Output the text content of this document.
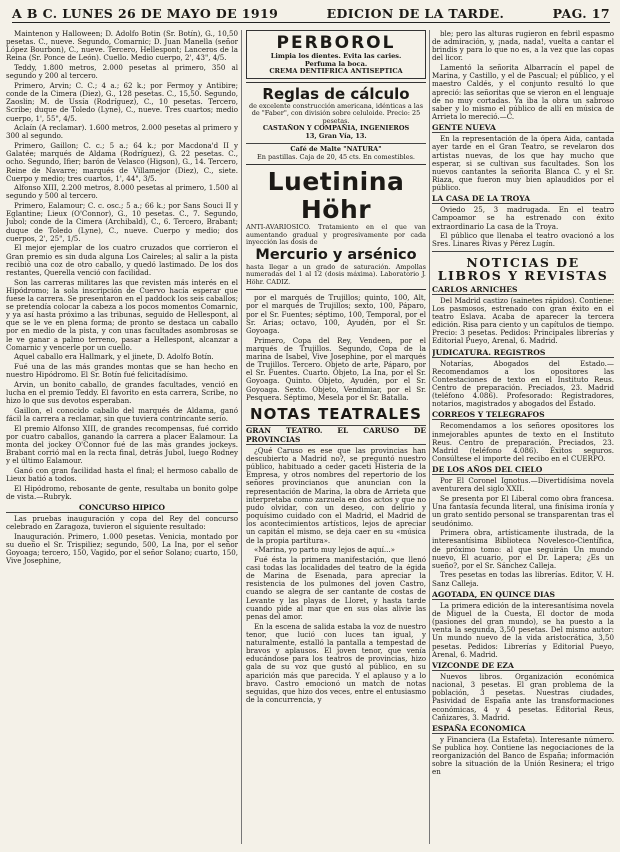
A B C. LUNES 26 DE MAYO DE 1919	EDICION DE LA TARDE.	PAG. 17

Maintenon y Halloween; D. Adolfo Botin (Sr. Botín), G., 10,50 pesetas. C., nueve. Segundo, Comarnic; D. Juan Manella (señor López Bourbon), C., nueve. Tercero, Hellespont; Lanceros de la Reina (Sr. Ponce de León). Cuello. Medio cuerpo, 2', 43", 4/5.

Teddy, 1.800 metros, 2.000 pesetas al primero, 350 al segundo y 200 al tercero.

Primero, Arvin; C. C.; 4 a.; 62 k.; por Fermoy y Antibire; conde de la Cimera (Diez), G., 128 pesetas. C., 15,50. Segundo, Zaoslin; M. de Ussía (Rodríguez), C., 10 pesetas. Tercero, Scribe; duque de Toledo (Lyne), C., nueve. Tres cuartos; medio cuerpo, 1', 55", 4/5.

Aclaín (A reclamar). 1.600 metros, 2.000 pesetas al primero y 300 al segundo.

Primero, Gaillon; C. c.; 5 a.; 64 k.; por Macdona'd II y Galatée; marqués de Aldama (Rodríguez), G. 22 pesetas. C., ocho. Segundo, Ifier; barón de Velasco (Higson), G., 14. Tercero, Reine de Navarre; marqués de Villamejor (Diez), C., siete. Cuerpo y medio; tres cuartos, 1', 44", 3/5.

Alfonso XIII, 2.200 metros, 8.000 pesetas al primero, 1.500 al segundo y 500 al tercero.

Primero, Ealamour; C. c. osc.; 5 a.; 66 k.; por Sans Souci II y Eglantine; Lieux (O'Connor), G., 10 pesetas. C., 7. Segundo, Jubol; conde de la Cimera (Archibald), C., 6. Tercero, Brabant; duque de Toledo (Lyne), C., nueve. Cuerpo y medio; dos cuerpos, 2', 25", 1/5.

El mejor ejemplar de los cuatro cruzados que corrieron el Gran premio es sin duda alguna Los Caireles; al salir a la pista recibió una coz de otro caballo, y quedó lastimado. De los dos restantes, Querella venció con facilidad.

Son las carreras militares las que revisten más interés en el Hipódromo; la sola inscripción de Cuervo hacía esperar que fuese la carrera. Se presentaron en el paddock los seis caballos; se pretendía colocar la cabeza a los pocos momentos Comarnic, y ya así hasta próximo a las tribunas, seguido de Hellespont, al que se le ve en plena forma; de pronto se destaca un caballo por en medio de la pista, y con unas facultades asombrosas se le ve ganar a palmo terreno, pasar a Hellespont, alcanzar a Comarnic y vencerle por un cuello.

Aquel caballo era Hallmark, y el jinete, D. Adolfo Botín.

Fué una de las más grandes montas que se han hecho en nuestro Hipódromo. El Sr. Botín fué felicitadísimo.

Arvin, un bonito caballo, de grandes facultades, venció en lucha en el premio Teddy. El favorito en esta carrera, Scribe, no hizo lo que sus devotos esperaban.

Gaillon, el conocido caballo del marqués de Aldama, ganó fácil la carrera a reclamar, sin que tuviera contrincante serio.

El premio Alfonso XIII, de grandes recompensas, fué corrido por cuatro caballos, ganando la carrera a placer Ealamour. La monta del jockey O'Connor fué de las más grandes jockeys. Brabant corrió mal en la recta final, detrás Jubol, luego Rodney y el último Ealamour.

Ganó con gran facilidad hasta el final; el hermoso caballo de Lieux batió a todos.

El Hipódromo, rebosante de gente, resultaba un bonito golpe de vista.—Rubryk.

CONCURSO HIPICO

Las pruebas inauguración y copa del Rey del concurso celebrado en Zaragoza, tuvieron el siguiente resultado:

Inauguración. Primero, 1.000 pesetas. Venicia, montado por su dueño el Sr. Trispiliez; segundo, 500, La Ina, por el señor Goyoaga; tercero, 150, Vagido, por el señor Solano; cuarto, 150, Vive Josephine,

PERBOROL
Limpia los dientes. Evita las caries.
Perfuma la boca.
CREMA DENTIFRICA ANTISEPTICA
Reglas de cálculo
de excelente construcción americana, idénticas a las de "Faber", con división sobre celuloide. Precio: 25 pesetas.
CASTAÑON Y COMPAÑIA, INGENIEROS
13, Gran Vía, 13.
Café de Malte "NATURA"
En pastillas. Caja de 20, 45 cts. En comestibles.
Luetinina Höhr
ANTI-AVARIOSICO. Tratamiento en el que van aumentando gradual y progresivamente por cada inyección las dosis de
Mercurio y arsénico
hasta llegar a un grado de saturación. Ampollas numeradas del 1 al 12 (dosis máxima). Laboratorio J. Höhr. CADIZ.

por el marqués de Trujillos; quinto, 100, Alt, por el marqués de Trujillos; sexto, 100, Páparo, por el Sr. Fuentes; séptimo, 100, Temporal, por el Sr. Arias; octavo, 100, Ayudén, por el Sr. Goyoaga.

Primero, Copa del Rey, Vendeen, por el marqués de Trujillos. Segundo, Copa de la marina de Isabel, Vive Josephine, por el marqués de Trujillos. Tercero. Objeto de arte, Páparo, por el Sr. Fuentes. Cuarto. Objeto, La Ina, por el Sr. Goyoaga. Quinto. Objeto, Ayudén, por el Sr. Goyoaga. Sexto. Objeto, Vendimiar, por el Sr. Pesquera. Séptimo, Mesela por el Sr. Batalla.

NOTAS TEATRALES
GRAN TEATRO. EL CARUSO DE PROVINCIAS

¿Qué Caruso es ese que las provincias han descubierto a Madrid no?, se preguntó nuestro público, habituado a ceder gaceti Histeria de la Empresa, y otros nombres del repertorio de los señores provincianos que anuncian con la representación de Marina, la obra de Arrieta que interpretaba como zarzuela en dos actos y que no pudo olvidar, con un deseo, con delirio y poquísimo cuidado con el Madrid, el Madrid de los acontecimientos artísticos, lejos de apreciar un capitán el mismo, se deja caer en su «música de la propia partitura».

«Marina, yo parto muy lejos de aquí...»

Fué ésta la primera manifestación, que llenó casi todas las localidades del teatro de la égida de Marina de Esenada, para apreciar la resistencia de los pulmones del joven Castro, cuando se alegra de ser cantante de costas de Levante y las playas de Lloret, y hasta tarde cuando pide al mar que en sus olas alivie las penas del amor.

En la escena de salida estaba la voz de nuestro tenor, que lució con luces tan igual, y naturalmente, estalló la pantalla a tempestad de bravos y aplausos. El joven tenor, que venía educándose para los teatros de provincias, hizo gala de su voz que gustó al público, en su aparición más que parecida. Y el aplauso y a lo bravo. Castro emocionó un match de notas seguidas, que hizo dos veces, entre el entusiasmo de la concurrencia, y

ble; pero las alturas rugieron en febril espasmo de admiración, y, ¡nada, nada!, vuelta a cantar el brindis y para lo que no es, a la vez que las copas del licor.

Lamentó la señorita Albarracín el papel de Marina, y Castillo, y el de Pascual; el público, y el maestro Caldés, y el conjunto resultó lo que apreció: las señoritas que se vieron en el lenguaje de no muy cortadas. Ya iba la obra un sabroso saber y lo mismo el público de allí en música de Arrieta lo mereció.—C.

GENTE NUEVA

En la representación de la ópera Aida, cantada ayer tarde en el Gran Teatro, se revelaron dos artistas nuevas, de los que hay mucho que esperar, si se cultivan sus facultades. Son los nuevos cantantes la señorita Blanca C. y el Sr. Riaza, que fueron muy bien aplaudidos por el público.

LA CASA DE LA TROYA

Oviedo 25, 3 madrugada. En el teatro Campoamor se ha estrenado con éxito extraordinario La casa de la Troya.

El público que llenaba el teatro ovacionó a los Sres. Linares Rivas y Pérez Lugín.

NOTICIAS DE LIBROS Y REVISTAS
CARLOS ARNICHES

Del Madrid castizo (sainetes rápidos). Contiene: Los pasmosos, estrenado con gran éxito en el teatro Eslava. Acaba de aparecer la tercera edición. Risa para ciento y un capítulos de tiempo. Precio: 3 pesetas. Pedidos: Principales librerías y Editorial Pueyo, Arenal, 6. Madrid.

JUDICATURA. REGISTROS

Notarías, Abogados del Estado.—Recomendamos a los opositores las Contestaciones de texto en el Instituto Reus. Centro de preparación. Preciados, 23. Madrid (teléfono 4.086). Profesorado: Registradores, notarios, magistrados y abogados del Estado.

CORREOS Y TELEGRAFOS

Recomendamos a los señores opositores los inmejorables apuntes de texto en el Instituto Reus. Centro de preparación. Preciados, 23. Madrid (teléfono 4.086). Éxitos seguros. Consúltese el importe del recibo en el CUERPO.

DE LOS AÑOS DEL CIELO

Por El Coronel Ignotus.—Divertidísima novela aventurera del siglo XXII.

Se presenta por El Liberal como obra francesa. Una fantasía fecunda literal, una finísima ironía y un grato sentido personal se transparentan tras el seudónimo.

Primera obra, artísticamente ilustrada, de la interesantísima Biblioteca Novelesco-Científica, de próximo tomo: al que seguirán Un mundo nuevo, El acuario, por el Dr. Lapera; ¿Es un sueño?, por el Sr. Sánchez Calleja.

Tres pesetas en todas las librerías. Editor, V. H. Sanz Calleja.

AGOTADA, EN QUINCE DIAS

La primera edición de la interesantísima novela de Miguel de la Cuesta, El doctor de moda (pasiones del gran mundo), se ha puesto a la venta la segunda, 3,50 pesetas. Del mismo autor: Un mundo nuevo de la vida aristocrática, 3,50 pesetas. Pedidos: Librerías y Editorial Pueyo, Arenal, 6. Madrid.

VIZCONDE DE EZA

Nuevos libros. Organización económica nacional, 3 pesetas. El gran problema de la población, 3 pesetas. Nuestras ciudades, Pasividad de España ante las transformaciones económicas, 4 y 4 pesetas. Editorial Reus, Cañizares, 3. Madrid.

ESPAÑA ECONOMICA

y Financiera (La Estafeta). Interesante número. Se publica hoy. Contiene las negociaciones de la reorganización del Banco de España; información sobre la situación de la Unión Resinera; el trigo en
